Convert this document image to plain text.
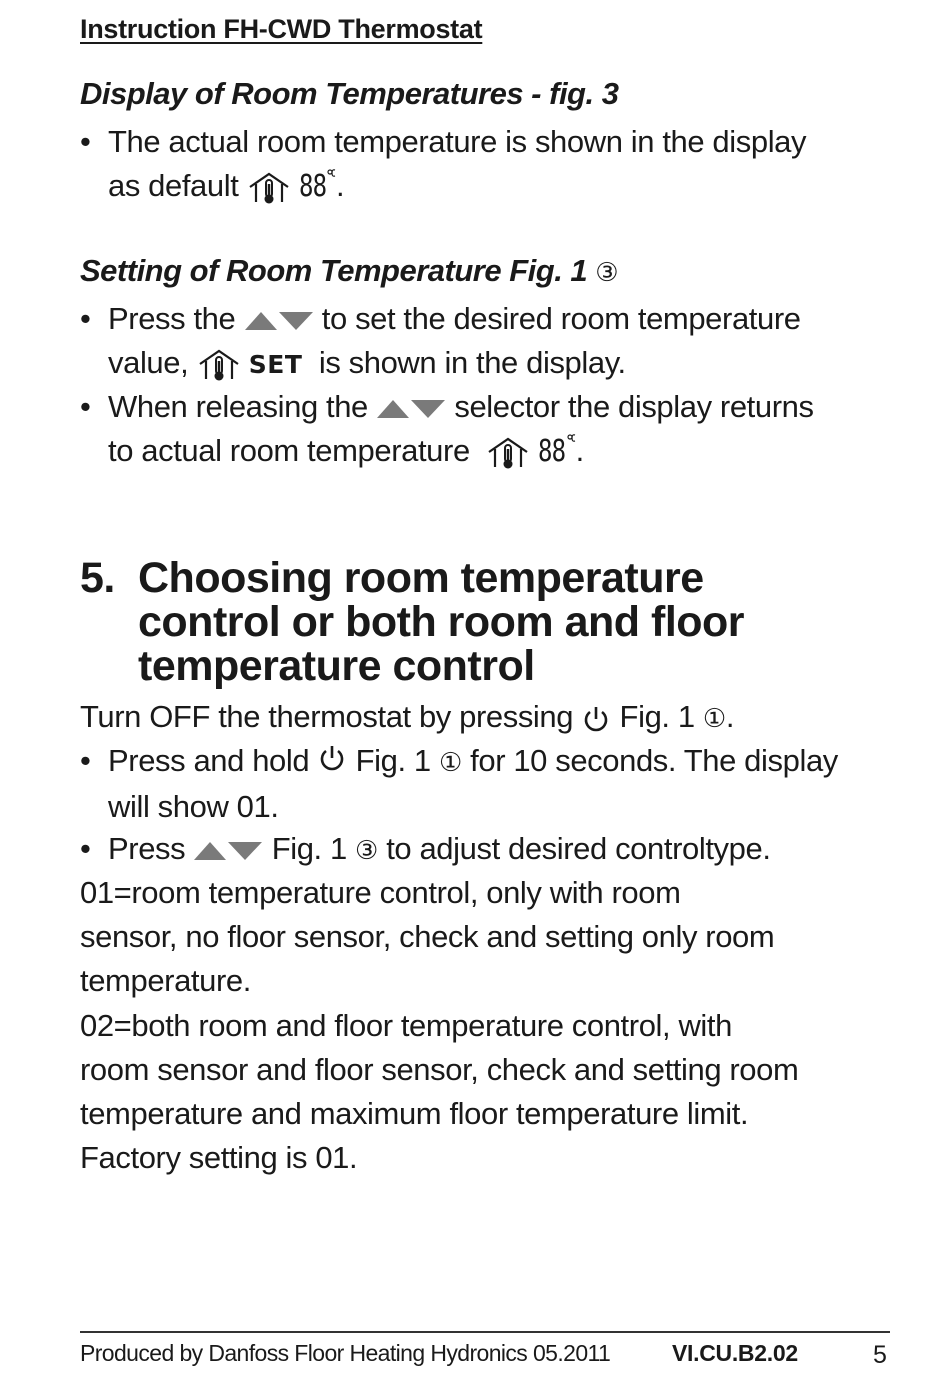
Instruction FH-CWD Thermostat
Display of Room Temperatures - fig. 3
• The actual room temperature is shown in the display
as default 88 .
Setting of Room Temperature Fig. 1 ③
• Press the	to set the desired room temperature
value, SET is shown in the display.
• When releasing the	selector the display returns
to actual room temperature 88 .
5. Choosing room temperature
control or both room and floor
temperature control
Turn OFF the thermostat by pressing Fig. 1 ①.
• Press and hold Fig. 1 ① for 10 seconds. The display
will show 01.
• Press	Fig. 1 ③ to adjust desired controltype.
01=room temperature control, only with room
sensor, no floor sensor, check and setting only room
temperature.
02=both room and floor temperature control, with
room sensor and floor sensor, check and setting room
temperature and maximum floor temperature limit.
Factory setting is 01.
Produced by Danfoss Floor Heating Hydronics 05.2011	VI.CU.B2.02	5
